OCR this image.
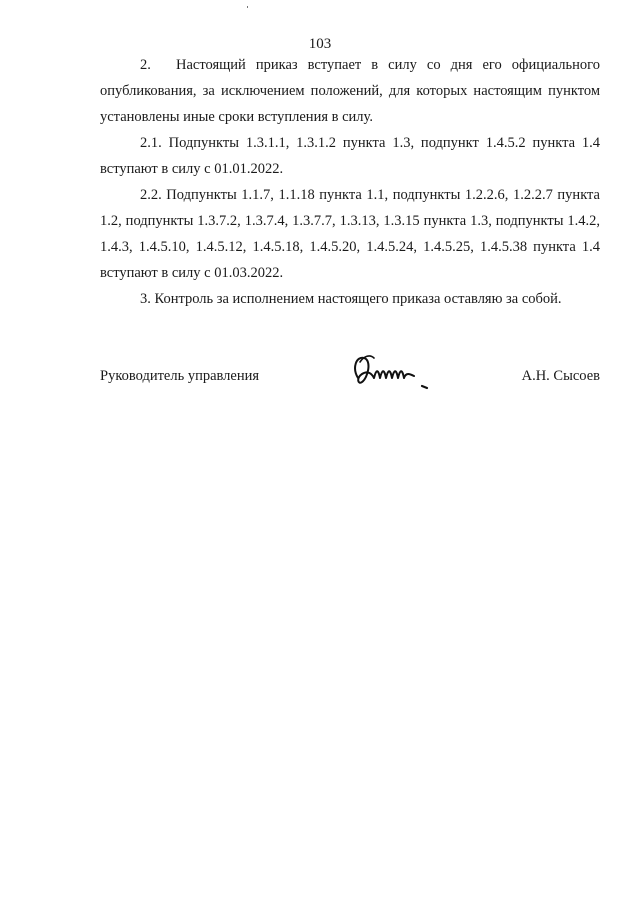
103

2. Настоящий приказ вступает в силу со дня его официального опубликования, за исключением положений, для которых настоящим пунктом установлены иные сроки вступления в силу.

2.1. Подпункты 1.3.1.1, 1.3.1.2 пункта 1.3, подпункт 1.4.5.2 пункта 1.4 вступают в силу с 01.01.2022.

2.2. Подпункты 1.1.7, 1.1.18 пункта 1.1, подпункты 1.2.2.6, 1.2.2.7 пункта 1.2, подпункты 1.3.7.2, 1.3.7.4, 1.3.7.7, 1.3.13, 1.3.15 пункта 1.3, подпункты 1.4.2, 1.4.3, 1.4.5.10, 1.4.5.12, 1.4.5.18, 1.4.5.20, 1.4.5.24, 1.4.5.25, 1.4.5.38 пункта 1.4 вступают в силу с 01.03.2022.

3. Контроль за исполнением настоящего приказа оставляю за собой.

Руководитель управления	А.Н. Сысоев
